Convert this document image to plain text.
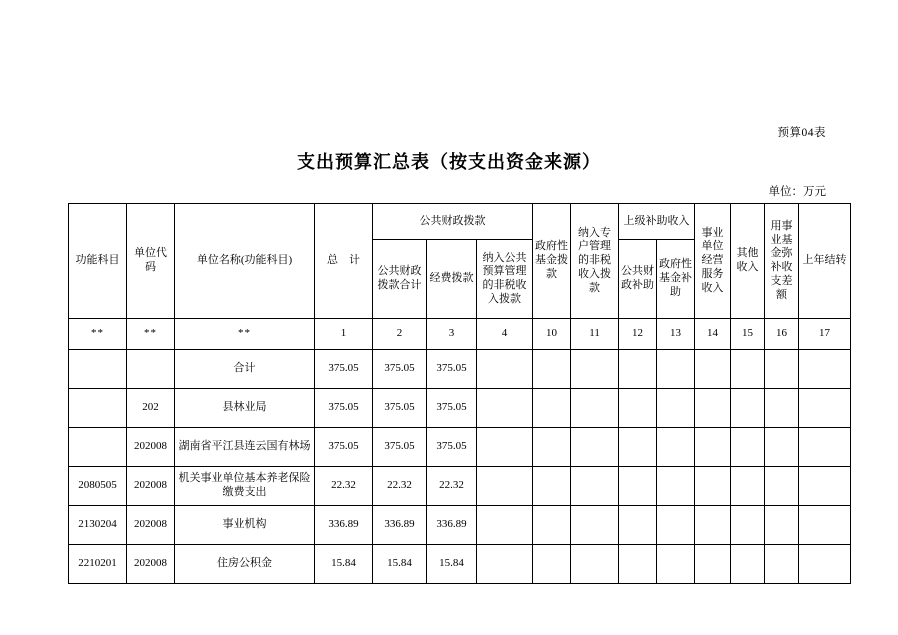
预算04表
支出预算汇总表（按支出资金来源）
单位：万元
功能科目	单位代码	单位名称(功能科目)	总　计	公共财政拨款			政府性基金拨款	纳入专户管理的非税收入拨款	上级补助收入		事业单位经营服务收入	其他收入	用事业基金弥补收支差额	上年结转
				公共财政拨款合计	经费拨款	纳入公共预算管理的非税收入拨款			公共财政补助	政府性基金补助				
**	**	**	1	2	3	4	10	11	12	13	14	15	16	17
		合计	375.05	375.05	375.05									
	202	县林业局	375.05	375.05	375.05									
	202008	湖南省平江县连云国有林场	375.05	375.05	375.05									
2080505	202008	机关事业单位基本养老保险缴费支出	22.32	22.32	22.32									
2130204	202008	事业机构	336.89	336.89	336.89									
2210201	202008	住房公积金	15.84	15.84	15.84									
